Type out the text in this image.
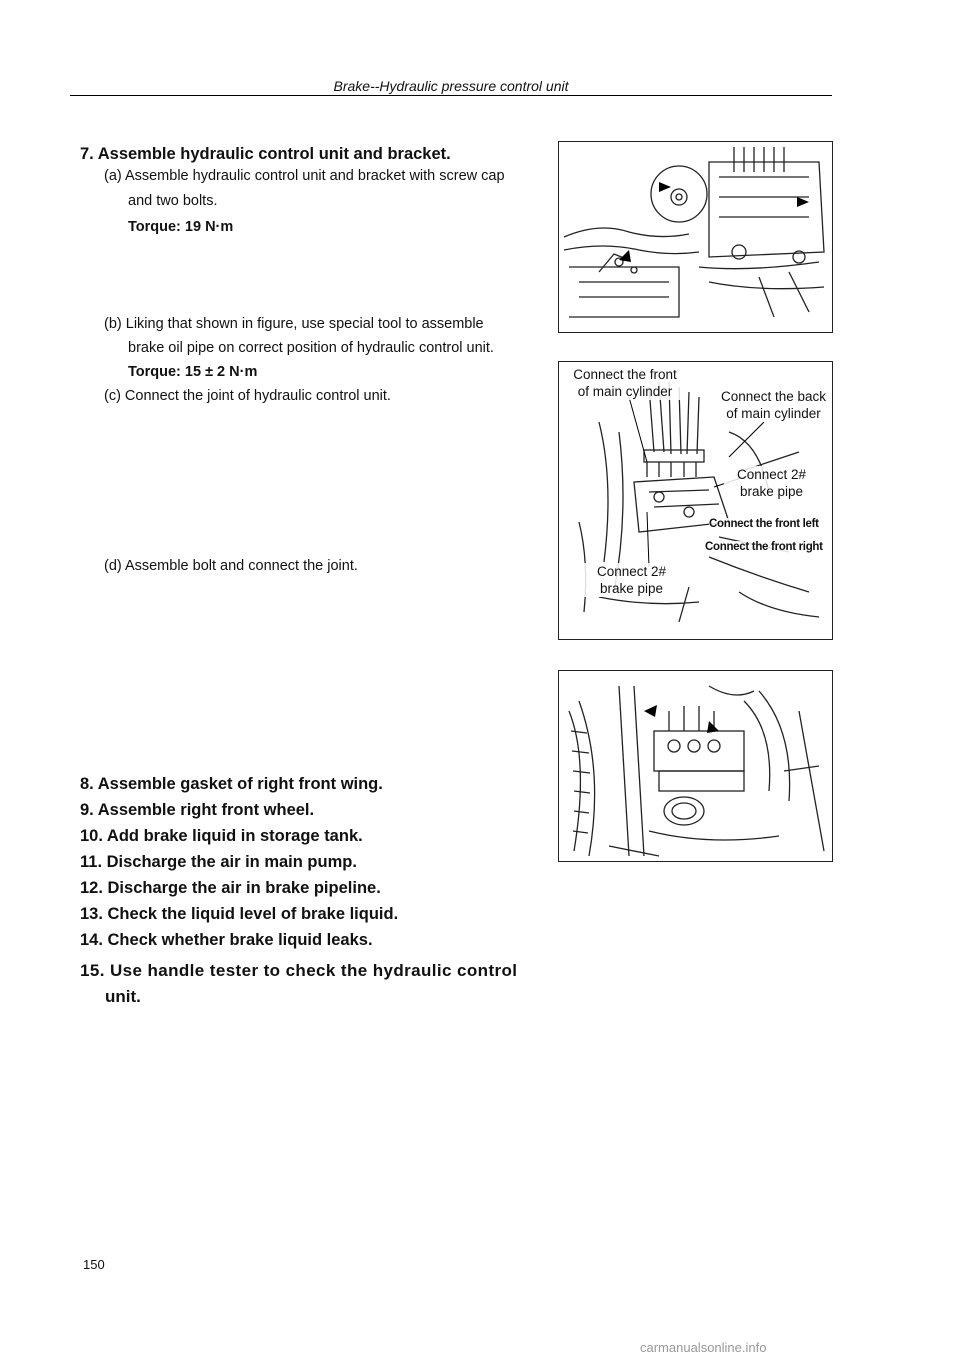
Brake--Hydraulic pressure control unit
7. Assemble hydraulic control unit and bracket.
(a) Assemble hydraulic control unit and bracket with screw cap
and two bolts.
Torque: 19 N·m
(b) Liking that shown in figure, use special tool to assemble
brake oil pipe on correct position of hydraulic control unit.
Torque: 15 ± 2 N·m
(c) Connect the joint of hydraulic control unit.
(d) Assemble bolt and connect the joint.
Connect the front
of main cylinder	Connect the back
of main cylinder
Connect 2#
brake pipe
Connect the front left
Connect the front right
Connect 2#
brake pipe
8. Assemble gasket of right front wing.
9. Assemble right front wheel.
10. Add brake liquid in storage tank.
11. Discharge the air in main pump.
12. Discharge the air in brake pipeline.
13. Check the liquid level of brake liquid.
14. Check whether brake liquid leaks.
15. Use handle tester to check the hydraulic control
unit.
150
carmanualsonline.info
